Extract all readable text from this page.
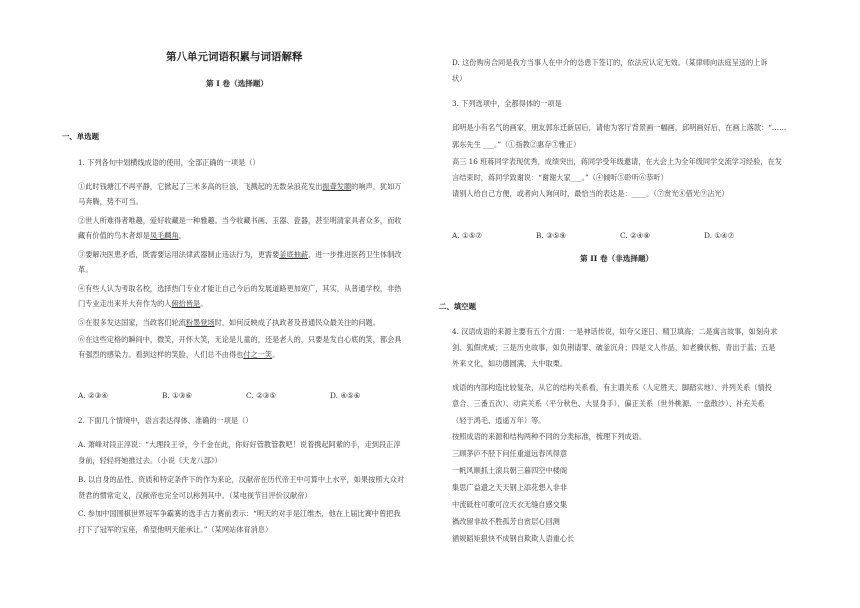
第八单元词语积累与词语解释
第 I 卷（选择题）
一、单选题
1. 下列各句中划横线成语的使用，全部正确的一项是（）
①此时钱塘江不再平静，它掀起了三米多高的巨浪，飞溅起的无数朵浪花发出振聋发聩的响声，犹如万
马奔腾，势不可当。
②世人所难得者唯趣，爱好收藏是一种雅趣。当今收藏书画、玉器、瓷器，甚至明清家具者众多，而收
藏有价值的鸟木者却是凤毛麟角。
③要解决医患矛盾，既需要运用法律武器制止违法行为，更需要釜底抽薪，进一步推进医药卫生体制改
革。
④有些人认为考取名校，选择热门专业才能让自己今后的发展道路更加宽广，其实，从普通学校，非热
门专业走出来并大有作为的人俯拾皆是。
⑤在很多发达国家，当政客们轮流粉墨登场时，如何反映成了执政者及普通民众最关注的问题。
⑥在这些定格的瞬间中，微笑，开怀大笑，无论是儿童的，还是老人的，只要是发自心底的笑，都会具
有强烈的感染力。看到这样的笑脸，人们总不由得也付之一笑。
A. ②③④	B. ①③⑥	C. ②③⑤	D. ④⑤⑥
2. 下面几个情境中，语言表达得体、准确的一项是（）
A. 萧峰对段正淳说：“大理段王爷，今千金在此，你好好管教管教吧！说着携起阿紫的手，走到段正淳
身前，轻轻将她推过去。（小说《天龙八部》）
B. 以自身的品性、资质和特定条件下的作为来论，汉献帝在历代帝王中可算中上水平，如果按照大众对
贤君的惯常定义，汉献帝也完全可以称列其中。（某电视节目评价汉献帝）
C. 参加中国围棋世界冠军争霸赛的选手古力赛前表示：“明天的对手是江维杰，他在上届比赛中曾把我
打下了冠军的宝座，希望他明天能承让。”（某网站体育消息）
D. 这份购房合同是我方当事人在中介的怂恿下签订的，依法应认定无效。（某律师向法庭呈送的上诉
状）
3. 下列选项中，全都得体的一项是
邱明是小有名气的画家，朋友郭东迁新居后，请他为客厅背景画一幅画，邱明画好后，在画上落款：“……
郭东先生 ___。”（①指教②惠存③雅正）
高三 16 班蒋同学表现优秀，成绩突出，蒋同学受年级邀请，在大会上为全年级同学交流学习经验，在发
言结束时，蒋同学致谢说：“谢谢大家___。”（④倾听⑤聆听⑥恭听）
请别人给自己方便，或者向人询问时，最恰当的表达是：____。（⑦赏光⑧借光⑨沾光）
A. ①⑤⑦	B. ③⑤⑨	C. ②④⑧	D. ①④⑦
第 II 卷（非选择题）
二、填空题
4. 汉语成语的来源主要有五个方面：一是神话传说，如夸父逐日、精卫填海；二是寓言故事，如刻舟求
剑、狐假虎威；三是历史故事，如负荆请罪、破釜沉舟；四是文人作品，如老骥伏枥、青出于蓝；五是
外来文化，如功德圆满、大中取栗。
成语的内部构造比较复杂，从它的结构关系看，有主谓关系（人定胜天、脚踏实地）、并列关系（情投
意合、三番五次）、动宾关系（平分秋色、大显身手）、偏正关系（世外桃源、一盘散沙）、补充关系
（轻于鸿毛、逍遥万年）等。
按照成语的来源和结构两种不同的分类标准，梳理下列成语。
三顾茅庐不胫下问任重道远春风得意
一帆风顺抓土滚兵朝三暮四空中楼阁
集思广益遗之天天钢上添花想入非非
中流砥柱可歌可泣天衣无缝自感交集
禍改留非故不胜孤芳自赏层心回测
循规蹈矩狠快不成钢自欺欺人语重心长
